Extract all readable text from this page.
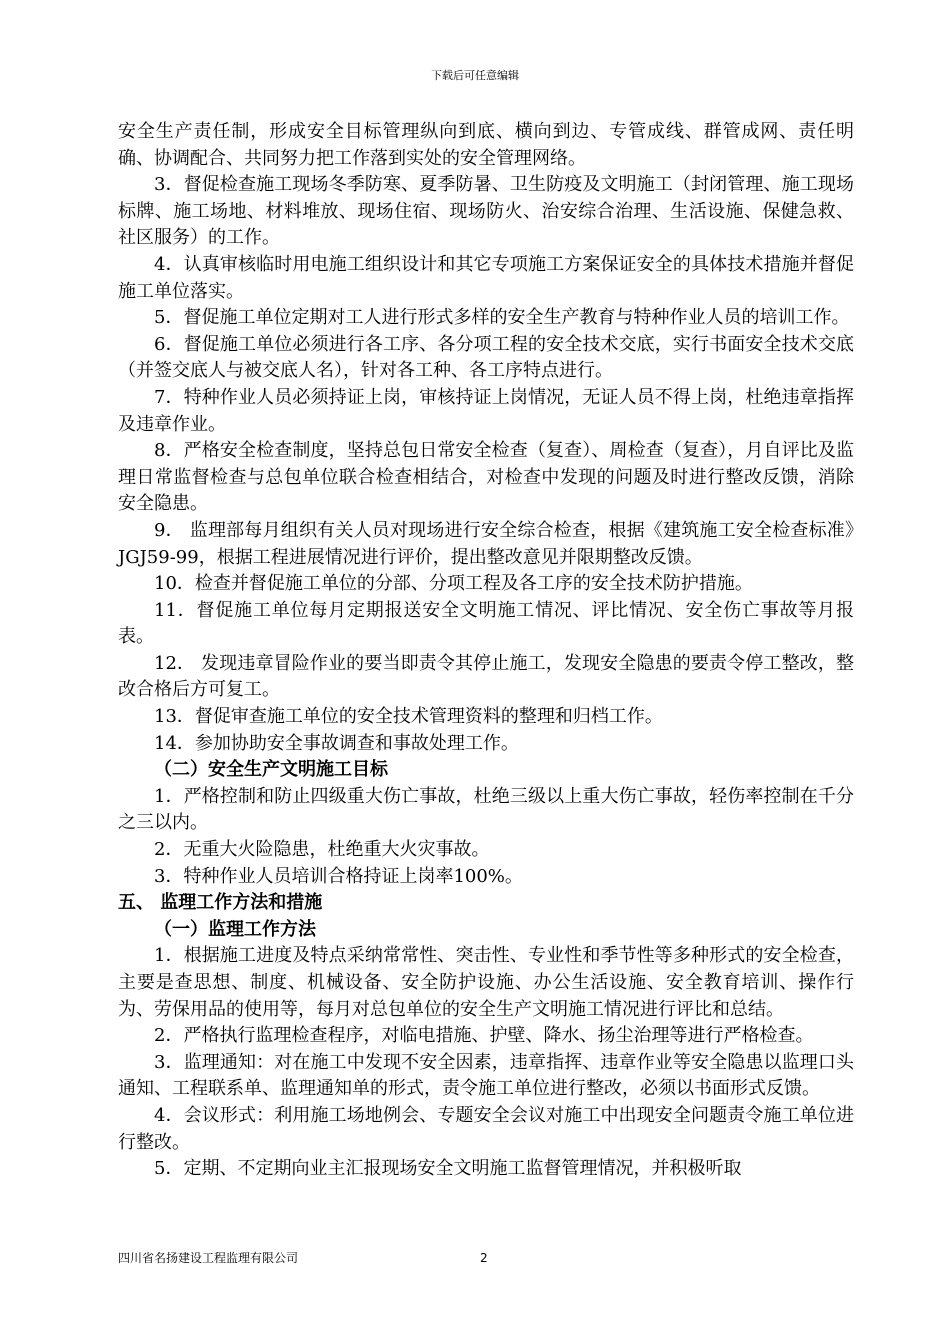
下载后可任意编辑

安全生产责任制，形成安全目标管理纵向到底、横向到边、专管成线、群管成网、责任明确、协调配合、共同努力把工作落到实处的安全管理网络。

3．督促检查施工现场冬季防寒、夏季防暑、卫生防疫及文明施工（封闭管理、施工现场标牌、施工场地、材料堆放、现场住宿、现场防火、治安综合治理、生活设施、保健急救、社区服务）的工作。

4．认真审核临时用电施工组织设计和其它专项施工方案保证安全的具体技术措施并督促施工单位落实。

5．督促施工单位定期对工人进行形式多样的安全生产教育与特种作业人员的培训工作。

6．督促施工单位必须进行各工序、各分项工程的安全技术交底，实行书面安全技术交底（并签交底人与被交底人名），针对各工种、各工序特点进行。

7．特种作业人员必须持证上岗，审核持证上岗情况，无证人员不得上岗，杜绝违章指挥及违章作业。

8．严格安全检查制度，坚持总包日常安全检查（复查）、周检查（复查），月自评比及监理日常监督检查与总包单位联合检查相结合，对检查中发现的问题及时进行整改反馈，消除安全隐患。

9． 监理部每月组织有关人员对现场进行安全综合检查，根据《建筑施工安全检查标准》JGJ59-99，根据工程进展情况进行评价，提出整改意见并限期整改反馈。

10．检查并督促施工单位的分部、分项工程及各工序的安全技术防护措施。

11．督促施工单位每月定期报送安全文明施工情况、评比情况、安全伤亡事故等月报表。

12． 发现违章冒险作业的要当即责令其停止施工，发现安全隐患的要责令停工整改，整改合格后方可复工。

13．督促审查施工单位的安全技术管理资料的整理和归档工作。

14．参加协助安全事故调查和事故处理工作。

（二）安全生产文明施工目标

1．严格控制和防止四级重大伤亡事故，杜绝三级以上重大伤亡事故，轻伤率控制在千分之三以内。

2．无重大火险隐患，杜绝重大火灾事故。

3．特种作业人员培训合格持证上岗率100%。

五、 监理工作方法和措施

（一）监理工作方法

1．根据施工进度及特点采纳常常性、突击性、专业性和季节性等多种形式的安全检查，主要是查思想、制度、机械设备、安全防护设施、办公生活设施、安全教育培训、操作行为、劳保用品的使用等，每月对总包单位的安全生产文明施工情况进行评比和总结。

2．严格执行监理检查程序，对临电措施、护壁、降水、扬尘治理等进行严格检查。

3．监理通知：对在施工中发现不安全因素，违章指挥、违章作业等安全隐患以监理口头通知、工程联系单、监理通知单的形式，责令施工单位进行整改，必须以书面形式反馈。

4．会议形式：利用施工场地例会、专题安全会议对施工中出现安全问题责令施工单位进行整改。

5．定期、不定期向业主汇报现场安全文明施工监督管理情况，并积极听取

四川省名扬建设工程监理有限公司	2
